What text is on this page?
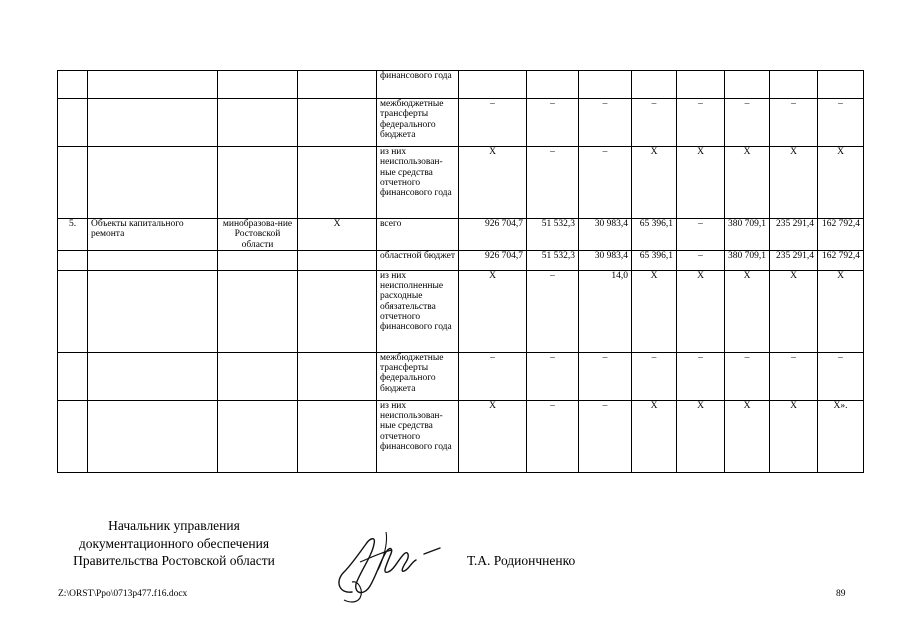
				финансового года								
				межбюджетные трансферты федерального бюджета	–	–	–	–	–	–	–	–
				из них неиспользован-ные средства отчетного финансового года	Х	–	–	Х	Х	Х	Х	Х
5.	Объекты капитального ремонта	минобразова-ние Ростовской области	Х	всего	926 704,7	51 532,3	30 983,4	65 396,1	–	380 709,1	235 291,4	162 792,4
				областной бюджет	926 704,7	51 532,3	30 983,4	65 396,1	–	380 709,1	235 291,4	162 792,4
				из них неисполненные расходные обязательства отчетного финансового года	Х	–	14,0	Х	Х	Х	Х	Х
				межбюджетные трансферты федерального бюджета	–	–	–	–	–	–	–	–
				из них неиспользован-ные средства отчетного финансового года	Х	–	–	Х	Х	Х	Х	Х».
Начальник управления
документационного обеспечения
Правительства Ростовской области	Т.А. Родиончненко
Z:\ORST\Ppo\0713p477.f16.docx	89
